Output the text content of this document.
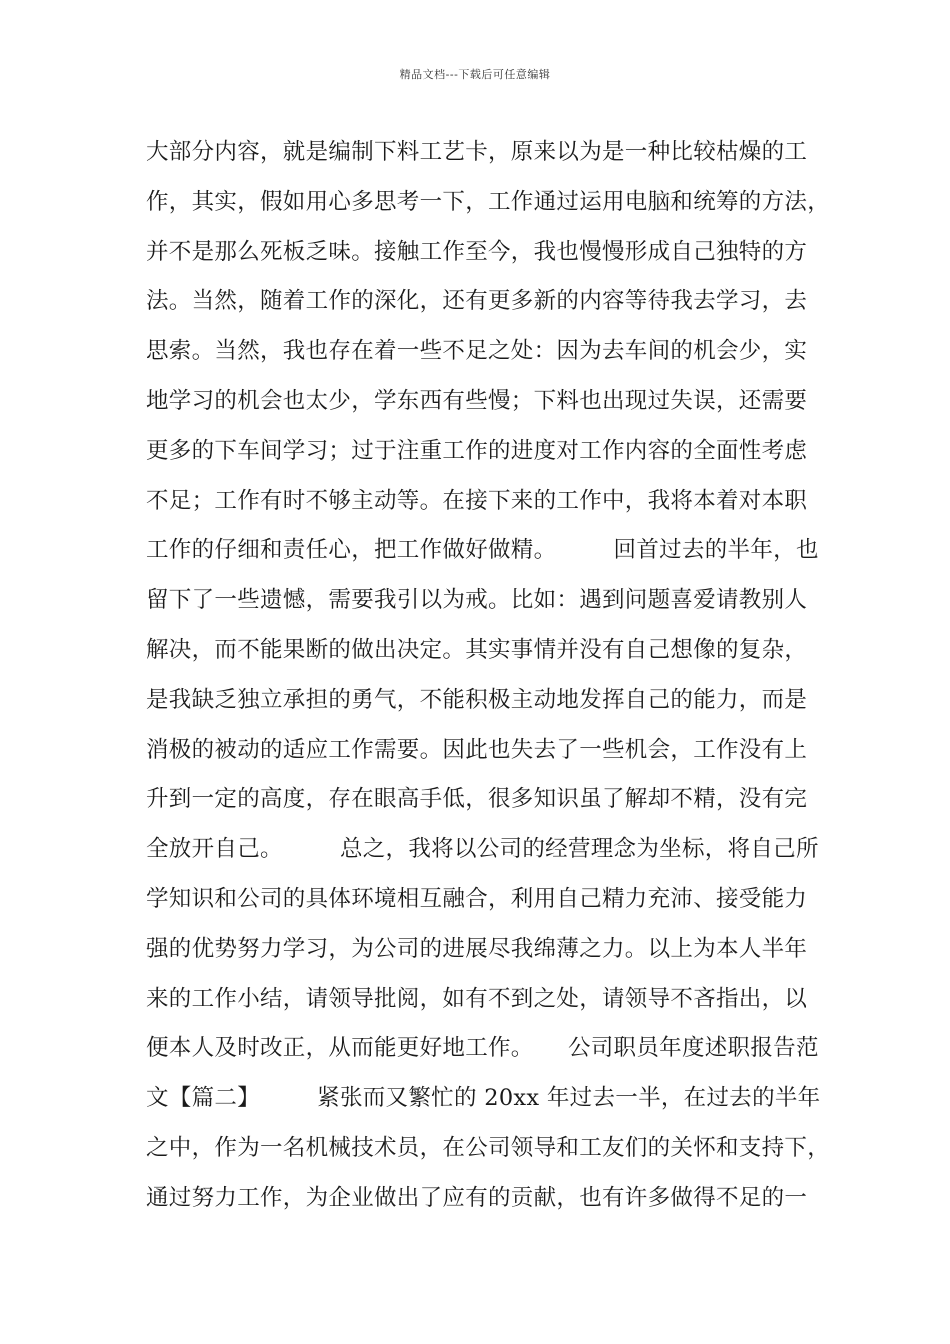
精品文档---下载后可任意编辑
大部分内容，就是编制下料工艺卡，原来以为是一种比较枯燥的工
作，其实，假如用心多思考一下，工作通过运用电脑和统筹的方法，
并不是那么死板乏味。接触工作至今，我也慢慢形成自己独特的方
法。当然，随着工作的深化，还有更多新的内容等待我去学习，去
思索。当然，我也存在着一些不足之处：因为去车间的机会少，实
地学习的机会也太少，学东西有些慢；下料也出现过失误，还需要
更多的下车间学习；过于注重工作的进度对工作内容的全面性考虑
不足；工作有时不够主动等。在接下来的工作中，我将本着对本职
工作的仔细和责任心，把工作做好做精。　　　回首过去的半年，也
留下了一些遗憾，需要我引以为戒。比如：遇到问题喜爱请教别人
解决，而不能果断的做出决定。其实事情并没有自己想像的复杂，
是我缺乏独立承担的勇气，不能积极主动地发挥自己的能力，而是
消极的被动的适应工作需要。因此也失去了一些机会，工作没有上
升到一定的高度，存在眼高手低，很多知识虽了解却不精，没有完
全放开自己。　　　总之，我将以公司的经营理念为坐标，将自己所
学知识和公司的具体环境相互融合，利用自己精力充沛、接受能力
强的优势努力学习，为公司的进展尽我绵薄之力。以上为本人半年
来的工作小结，请领导批阅，如有不到之处，请领导不吝指出，以
便本人及时改正，从而能更好地工作。　　公司职员年度述职报告范
文【篇二】　　　紧张而又繁忙的 20xx 年过去一半，在过去的半年
之中，作为一名机械技术员，在公司领导和工友们的关怀和支持下，
通过努力工作，为企业做出了应有的贡献，也有许多做得不足的一
